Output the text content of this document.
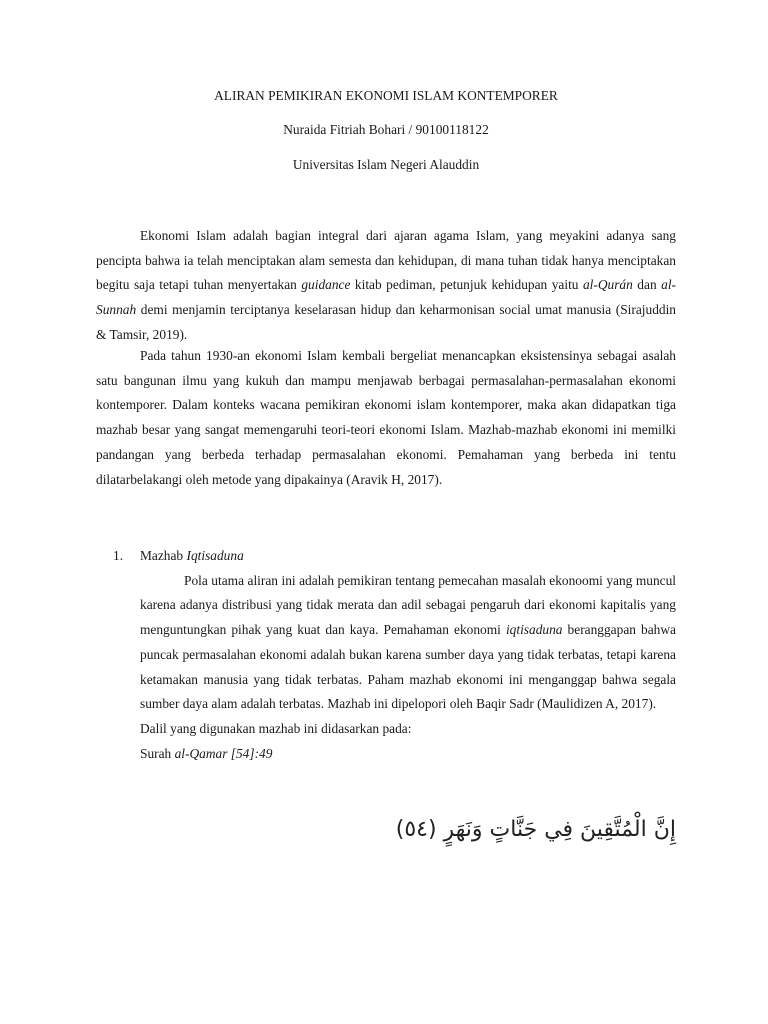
ALIRAN PEMIKIRAN EKONOMI ISLAM KONTEMPORER
Nuraida Fitriah Bohari / 90100118122
Universitas Islam Negeri Alauddin

Ekonomi Islam adalah bagian integral dari ajaran agama Islam, yang meyakini adanya sang pencipta bahwa ia telah menciptakan alam semesta dan kehidupan, di mana tuhan tidak hanya menciptakan begitu saja tetapi tuhan menyertakan guidance kitab pediman, petunjuk kehidupan yaitu al-Qurán dan al-Sunnah demi menjamin terciptanya keselarasan hidup dan keharmonisan social umat manusia (Sirajuddin & Tamsir, 2019).

Pada tahun 1930-an ekonomi Islam kembali bergeliat menancapkan eksistensinya sebagai asalah satu bangunan ilmu yang kukuh dan mampu menjawab berbagai permasalahan-permasalahan ekonomi kontemporer. Dalam konteks wacana pemikiran ekonomi islam kontemporer, maka akan didapatkan tiga mazhab besar yang sangat memengaruhi teori-teori ekonomi Islam. Mazhab-mazhab ekonomi ini memilki pandangan yang berbeda terhadap permasalahan ekonomi. Pemahaman yang berbeda ini tentu dilatarbelakangi oleh metode yang dipakainya (Aravik H, 2017).

1. Mazhab Iqtisaduna

Pola utama aliran ini adalah pemikiran tentang pemecahan masalah ekonoomi yang muncul karena adanya distribusi yang tidak merata dan adil sebagai pengaruh dari ekonomi kapitalis yang menguntungkan pihak yang kuat dan kaya. Pemahaman ekonomi iqtisaduna beranggapan bahwa puncak permasalahan ekonomi adalah bukan karena sumber daya yang tidak terbatas, tetapi karena ketamakan manusia yang tidak terbatas. Paham mazhab ekonomi ini menganggap bahwa segala sumber daya alam adalah terbatas. Mazhab ini dipelopori oleh Baqir Sadr (Maulidizen A, 2017).

Dalil yang digunakan mazhab ini didasarkan pada:

Surah al-Qamar [54]:49

إِنَّ الْمُتَّقِينَ فِي جَنَّاتٍ وَنَهَرٍ (٥٤)
